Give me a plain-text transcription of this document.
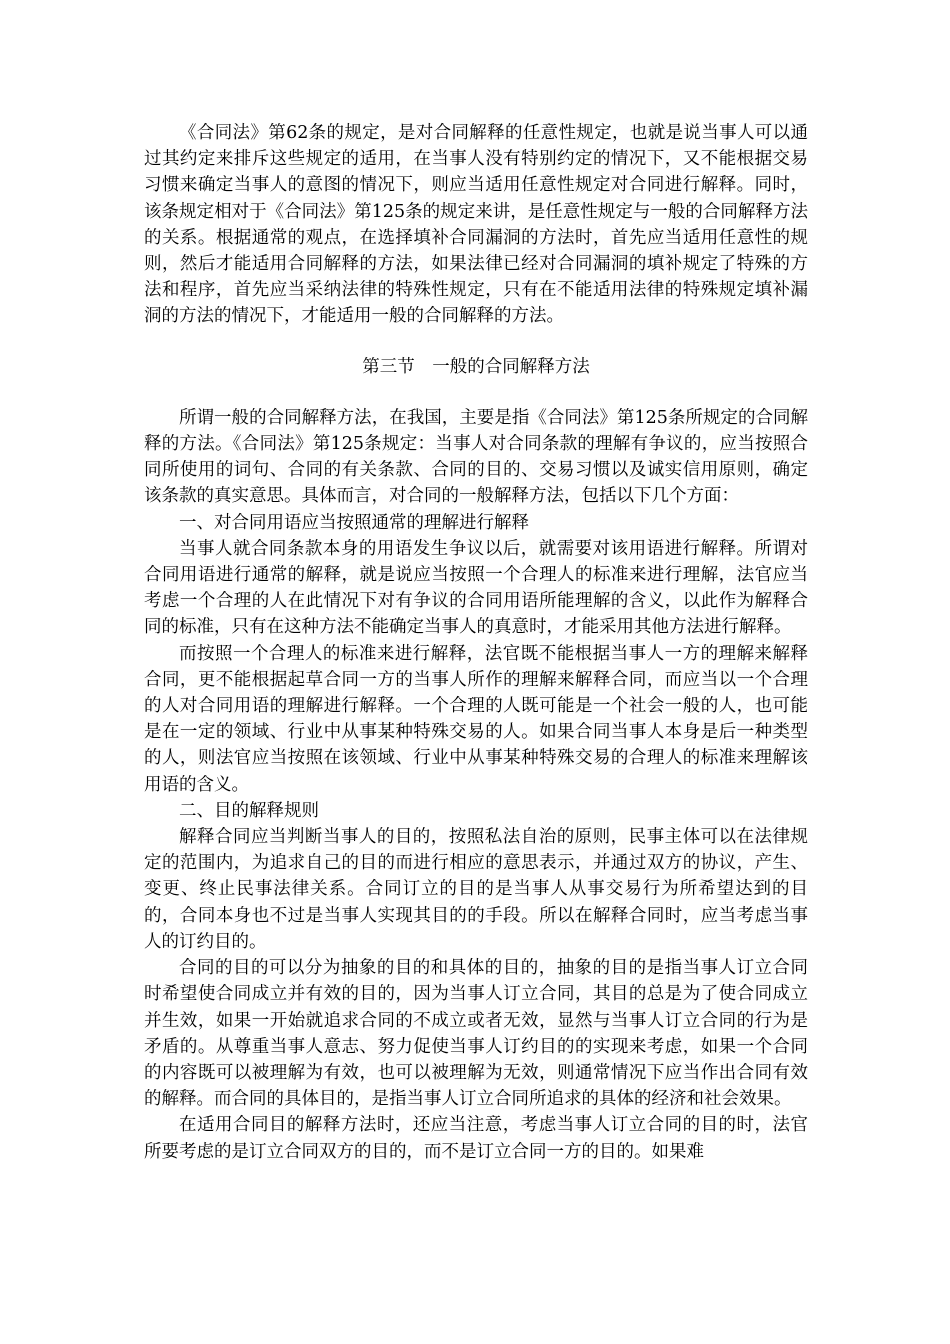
《合同法》第62条的规定，是对合同解释的任意性规定，也就是说当事人可以通过其约定来排斥这些规定的适用，在当事人没有特别约定的情况下，又不能根据交易习惯来确定当事人的意图的情况下，则应当适用任意性规定对合同进行解释。同时，该条规定相对于《合同法》第125条的规定来讲，是任意性规定与一般的合同解释方法的关系。根据通常的观点，在选择填补合同漏洞的方法时，首先应当适用任意性的规则，然后才能适用合同解释的方法，如果法律已经对合同漏洞的填补规定了特殊的方法和程序，首先应当采纳法律的特殊性规定，只有在不能适用法律的特殊规定填补漏洞的方法的情况下，才能适用一般的合同解释的方法。

第三节　一般的合同解释方法

所谓一般的合同解释方法，在我国，主要是指《合同法》第125条所规定的合同解释的方法。《合同法》第125条规定：当事人对合同条款的理解有争议的，应当按照合同所使用的词句、合同的有关条款、合同的目的、交易习惯以及诚实信用原则，确定该条款的真实意思。具体而言，对合同的一般解释方法，包括以下几个方面：

一、对合同用语应当按照通常的理解进行解释

当事人就合同条款本身的用语发生争议以后，就需要对该用语进行解释。所谓对合同用语进行通常的解释，就是说应当按照一个合理人的标准来进行理解，法官应当考虑一个合理的人在此情况下对有争议的合同用语所能理解的含义，以此作为解释合同的标准，只有在这种方法不能确定当事人的真意时，才能采用其他方法进行解释。

而按照一个合理人的标准来进行解释，法官既不能根据当事人一方的理解来解释合同，更不能根据起草合同一方的当事人所作的理解来解释合同，而应当以一个合理的人对合同用语的理解进行解释。一个合理的人既可能是一个社会一般的人，也可能是在一定的领域、行业中从事某种特殊交易的人。如果合同当事人本身是后一种类型的人，则法官应当按照在该领域、行业中从事某种特殊交易的合理人的标准来理解该用语的含义。

二、目的解释规则

解释合同应当判断当事人的目的，按照私法自治的原则，民事主体可以在法律规定的范围内，为追求自己的目的而进行相应的意思表示，并通过双方的协议，产生、变更、终止民事法律关系。合同订立的目的是当事人从事交易行为所希望达到的目的，合同本身也不过是当事人实现其目的的手段。所以在解释合同时，应当考虑当事人的订约目的。

合同的目的可以分为抽象的目的和具体的目的，抽象的目的是指当事人订立合同时希望使合同成立并有效的目的，因为当事人订立合同，其目的总是为了使合同成立并生效，如果一开始就追求合同的不成立或者无效，显然与当事人订立合同的行为是矛盾的。从尊重当事人意志、努力促使当事人订约目的的实现来考虑，如果一个合同的内容既可以被理解为有效，也可以被理解为无效，则通常情况下应当作出合同有效的解释。而合同的具体目的，是指当事人订立合同所追求的具体的经济和社会效果。

在适用合同目的解释方法时，还应当注意，考虑当事人订立合同的目的时，法官所要考虑的是订立合同双方的目的，而不是订立合同一方的目的。如果难
